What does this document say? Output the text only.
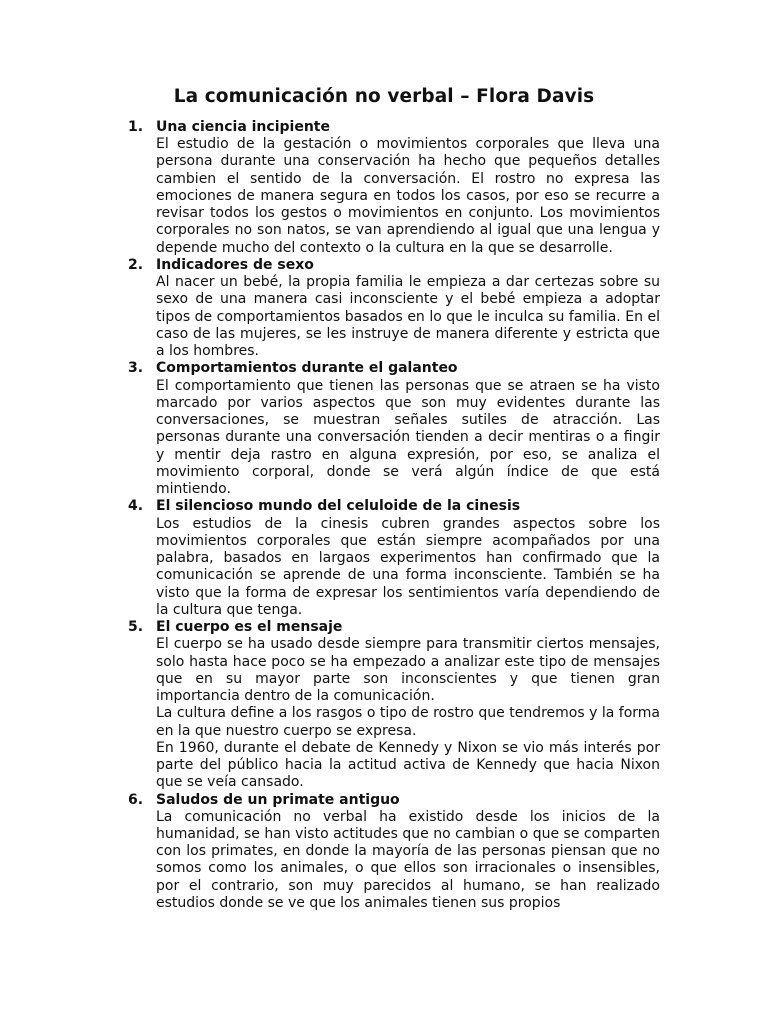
La comunicación no verbal – Flora Davis
1. Una ciencia incipiente

El estudio de la gestación o movimientos corporales que lleva una persona durante una conservación ha hecho que pequeños detalles cambien el sentido de la conversación. El rostro no expresa las emociones de manera segura en todos los casos, por eso se recurre a revisar todos los gestos o movimientos en conjunto. Los movimientos corporales no son natos, se van aprendiendo al igual que una lengua y depende mucho del contexto o la cultura en la que se desarrolle.

2. Indicadores de sexo

Al nacer un bebé, la propia familia le empieza a dar certezas sobre su sexo de una manera casi inconsciente y el bebé empieza a adoptar tipos de comportamientos basados en lo que le inculca su familia. En el caso de las mujeres, se les instruye de manera diferente y estricta que a los hombres.

3. Comportamientos durante el galanteo

El comportamiento que tienen las personas que se atraen se ha visto marcado por varios aspectos que son muy evidentes durante las conversaciones, se muestran señales sutiles de atracción. Las personas durante una conversación tienden a decir mentiras o a fingir y mentir deja rastro en alguna expresión, por eso, se analiza el movimiento corporal, donde se verá algún índice de que está mintiendo.

4. El silencioso mundo del celuloide de la cinesis

Los estudios de la cinesis cubren grandes aspectos sobre los movimientos corporales que están siempre acompañados por una palabra, basados en largaos experimentos han confirmado que la comunicación se aprende de una forma inconsciente. También se ha visto que la forma de expresar los sentimientos varía dependiendo de la cultura que tenga.

5. El cuerpo es el mensaje

El cuerpo se ha usado desde siempre para transmitir ciertos mensajes, solo hasta hace poco se ha empezado a analizar este tipo de mensajes que en su mayor parte son inconscientes y que tienen gran importancia dentro de la comunicación.

La cultura define a los rasgos o tipo de rostro que tendremos y la forma en la que nuestro cuerpo se expresa.

En 1960, durante el debate de Kennedy y Nixon se vio más interés por parte del público hacia la actitud activa de Kennedy que hacia Nixon que se veía cansado.

6. Saludos de un primate antiguo

La comunicación no verbal ha existido desde los inicios de la humanidad, se han visto actitudes que no cambian o que se comparten con los primates, en donde la mayoría de las personas piensan que no somos como los animales, o que ellos son irracionales o insensibles, por el contrario, son muy parecidos al humano, se han realizado estudios donde se ve que los animales tienen sus propios
